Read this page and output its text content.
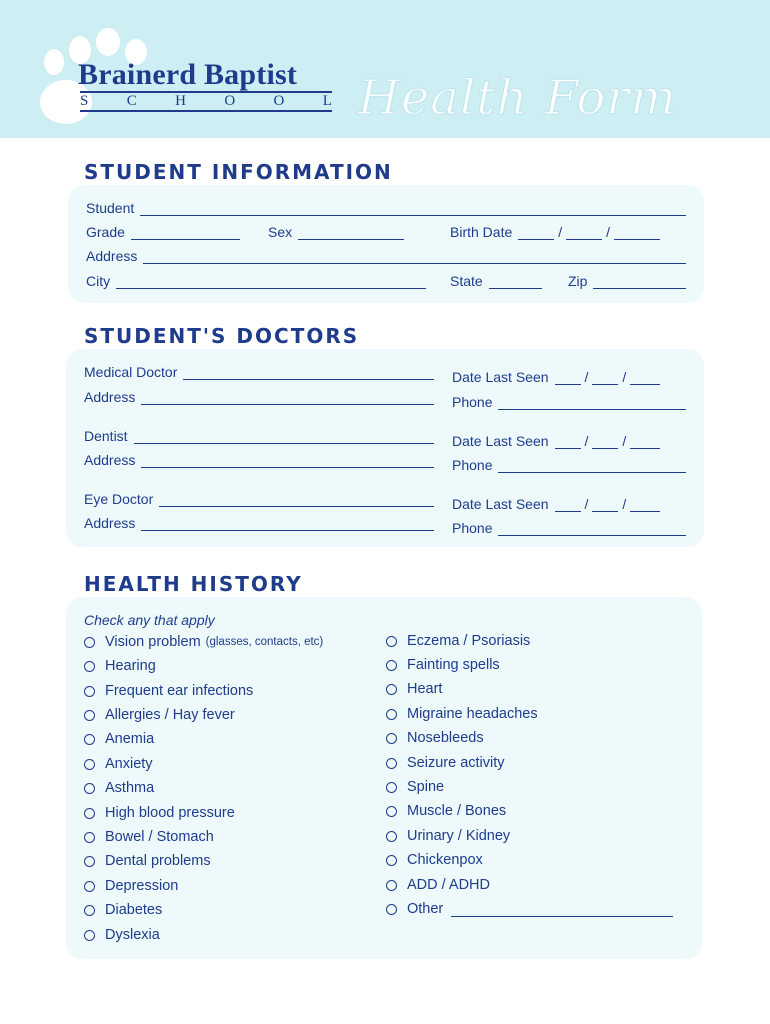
Brainerd Baptist
S	C	H	O	O	L Health Form
STUDENT INFORMATION
Student
Grade	Sex	Birth Date	/	/
Address
City	State	Zip
STUDENT'S DOCTORS
Medical Doctor	Date Last Seen	/ /
Address	Phone
Dentist	Date Last Seen	/ /
Address	Phone
Eye Doctor	Date Last Seen	/ /
Address	Phone
HEALTH HISTORY
Check any that apply
Vision problem (glasses, contacts, etc)
Hearing
Frequent ear infections
Allergies / Hay fever
Anemia
Anxiety
Asthma
High blood pressure
Bowel / Stomach
Dental problems
Depression
Diabetes
Dyslexia
Eczema / Psoriasis
Fainting spells
Heart
Migraine headaches
Nosebleeds
Seizure activity
Spine
Muscle / Bones
Urinary / Kidney
Chickenpox
ADD / ADHD
Other
